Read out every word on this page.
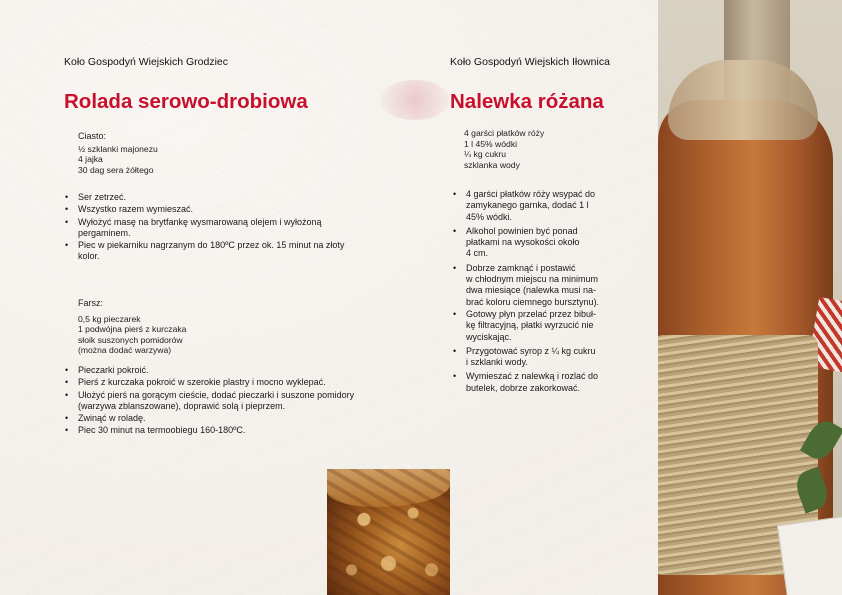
Koło Gospodyń Wiejskich Grodziec
Rolada serowo-drobiowa
Ciasto:
½ szklanki majonezu
4 jajka
30 dag sera żółtego
• Ser zetrzeć.
• Wszystko razem wymieszać.
• Wyłożyć masę na brytfankę wysmarowaną olejem i wyłożoną
pergaminem.
• Piec w piekarniku nagrzanym do 180ºC przez ok. 15 minut na złoty
kolor.
Farsz:
0,5 kg pieczarek
1 podwójna pierś z kurczaka
słoik suszonych pomidorów
(można dodać warzywa)
• Pieczarki pokroić.
• Pierś z kurczaka pokroić w szerokie plastry i mocno wyklepać.
• Ułożyć pierś na gorącym cieście, dodać pieczarki i suszone pomidory
(warzywa zblanszowane), doprawić solą i pieprzem.
• Zwinąć w roladę.
• Piec 30 minut na termoobiegu 160-180ºC.
Koło Gospodyń Wiejskich Iłownica
Nalewka różana
4 garści płatków róży
1 l 45% wódki
¼ kg cukru
szklanka wody
• 4 garści płatków róży wsypać do
zamykanego garnka, dodać 1 l
45% wódki.
• Alkohol powinien być ponad
płatkami na wysokości około
4 cm.
• Dobrze zamknąć i postawić
w chłodnym miejscu na minimum
dwa miesiące (nalewka musi na-
brać koloru ciemnego bursztynu).
• Gotowy płyn przelać przez bibuł-
kę filtracyjną, płatki wyrzucić nie
wyciskając.
• Przygotować syrop z ¼ kg cukru
i szklanki wody.
• Wymieszać z nalewką i rozlać do
butelek, dobrze zakorkować.
